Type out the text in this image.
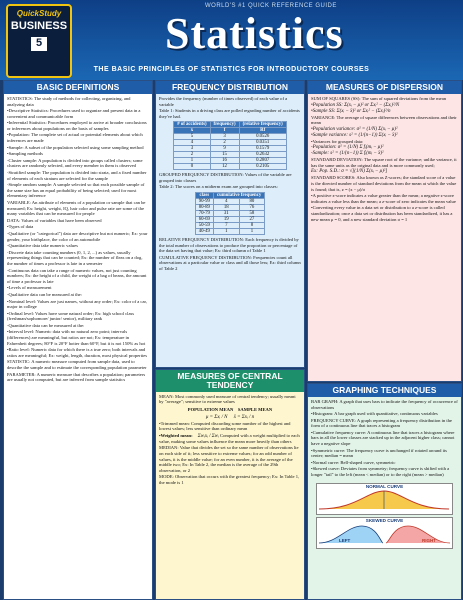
QuickStudy
BUSINESS
5
WORLD'S #1 QUICK REFERENCE GUIDE
Statistics
THE BASIC PRINCIPLES OF STATISTICS FOR INTRODUCTORY COURSES
BASIC DEFINITIONS

STATISTICS: The study of methods for collecting, organizing, and analyzing data

•Descriptive Statistics: Procedures used to organize and present data in a convenient and communicable form

•Inferential Statistics: Procedures employed to arrive at broader conclusions or inferences about populations on the basis of samples

•Population: The complete set of actual or potential elements about which inferences are made

•Sample: A subset of the population selected using some sampling method

•Sampling methods

-Cluster sample: A population is divided into groups called clusters; some clusters are randomly selected, and every member in them is observed

-Stratified sample: The population is divided into strata, and a fixed number of elements of each stratum are selected for the sample

-Simple random sample: A sample selected so that each possible sample of the same size has an equal probability of being selected; used for most elementary inference

VARIABLE: An attribute of elements of a population or sample that can be measured; Ex: height, weight, IQ, hair color and pulse rate are some of the many variables that can be measured for people

DATA: Values of variables that have been observed

•Types of data

-Qualitative (or "categorical") data are descriptive but not numeric; Ex: your gender, your birthplace, the color of an automobile

-Quantitative data take numeric values

-Discrete data take counting numbers (0, 1, 2, ...) as values, usually representing things that can be counted; Ex: the number of fleas on a dog, the number of times a professor is late in a semester

-Continuous data can take a range of numeric values, not just counting numbers; Ex: the height of a child, the weight of a bag of beans, the amount of time a professor is late

•Levels of measurement

-Qualitative data can be measured at the:

•Nominal level: Values are just names, without any order; Ex: color of a car, major in college

•Ordinal level: Values have some natural order; Ex: high school class (freshman/sophomore/ junior/ senior), military rank

-Quantitative data can be measured at the:

•Interval level: Numeric data with no natural zero point; intervals (differences) are meaningful, but ratios are not; Ex: temperature in Fahrenheit degrees; 80°F is 20°F hotter than 60°F, but it is not 150% as hot

•Ratio level: Numeric data for which there is a true zero; both intervals and ratios are meaningful; Ex: weight, length, duration, most physical properties

STATISTIC: A numeric measure computed from sample data, used to describe the sample and to estimate the corresponding population parameter

PARAMETER: A numeric measure that describes a population; parameters are usually not computed, but are inferred from sample statistics

FREQUENCY DISTRIBUTION

Provides the frequency (number of times observed) of each value of a variable

Table 1: Students in a driving class are polled regarding number of accidents they've had.

# of accidents)	frequency)	(relative frequency)
x	f	Rf
5	3	0.0526
4	2	0.0351
3	9	0.1579
2	15	0.2632
1	16	0.2807
0	12	0.2105

GROUPED FREQUENCY DISTRIBUTION: Values of the variable are grouped into classes

Table 2: The scores on a midterm exam are grouped into classes:

class	cumulative frequency	
90-99	4	80
80-89	18	76
70-79	31	58
60-69	19	27
50-59	7	8
40-49	1	1

RELATIVE FREQUENCY DISTRIBUTION: Each frequency is divided by the total number of observations to produce the proportion or percentage of the data set having that value; Ex: third column of Table 1

CUMULATIVE FREQUENCY DISTRIBUTION: Frequencies count all observations at a particular value or class and all those less; Ex: third column of Table 2

MEASURES OF CENTRAL TENDENCY

MEAN: Most commonly used measure of central tendency; usually meant by "average"; sensitive to extreme values

POPULATION MEAN SAMPLE MEAN

μ = Σxᵢ / N x̄ = Σxᵢ / n

•Trimmed mean: Computed discarding some number of the highest and lowest values; less sensitive than ordinary mean

•Weighted mean: Σwᵢxᵢ / Σwᵢ Computed with a weight multiplied to each value, making some values influence the mean more heavily than others

MEDIAN: Value that divides the set so the same number of observations lie on each side of it; less sensitive to extreme values; for an odd number of values, it is the middle value; for an even number, it is the average of the middle two; Ex: In Table 2, the median is the average of the 29th observation, or 2

MODE: Observation that occurs with the greatest frequency; Ex: In Table 1, the mode is 1

MEASURES OF DISPERSION

SUM OF SQUARES (SS): The sum of squared deviations from the mean

•Population SS: Σ(xᵢ − μ)² or Σxᵢ² − (Σxᵢ)²/N

•Sample SS: Σ(xᵢ − x̄)² or Σxᵢ² − (Σxᵢ)²/n

VARIANCE: The average of square differences between observations and their mean

•Population variance: σ² = (1/N) Σ(xᵢ − μ)²

•Sample variance: s² = (1/(n−1)) Σ(xᵢ − x̄)²

•Variances for grouped data:

-Population: σ² = (1/N) Σ fᵢ(mᵢ − μ)²

-Sample: s² = (1/(n−1)) Σ fᵢ(mᵢ − x̄)²

STANDARD DEVIATION: The square root of the variance; unlike variance, it has the same units as the original data and is more commonly used;

Ex: Pop. S.D.: σ = √[(1/N) Σ(xᵢ − μ)²]

STANDARD SCORES: Also known as Z-scores; the standard score of a value is the directed number of standard deviations from the mean at which the value is found; that is, z = (x − μ)/σ

•A positive z-score indicates a value greater than the mean; a negative z-score indicates a value less than the mean; a z-score of zero indicates the mean value

•Converting every value in a data set or distribution to a z-score is called standardization; once a data set or distribution has been standardized, it has a new mean μ = 0, and a new standard deviation σ = 1

GRAPHING TECHNIQUES

BAR GRAPH: A graph that uses bars to indicate the frequency of occurrence of observations

•Histogram: A bar graph used with quantitative, continuous variables

FREQUENCY CURVE: A graph representing a frequency distribution in the form of a continuous line that traces a histogram

•Cumulative frequency curve: A continuous line that traces a histogram where bars in all the lower classes are stacked up in the adjacent higher class; cannot have a negative slope

•Symmetric curve: The frequency curve is unchanged if rotated around its center; median = mean

•Normal curve: Bell-shaped curve, symmetric

•Skewed curve: Deviates from symmetry; frequency curve is shifted with a longer "tail" to the left (mean < median) or to the right (mean > median)

NORMAL CURVE
SKEWED CURVE
LEFT	RIGHT
